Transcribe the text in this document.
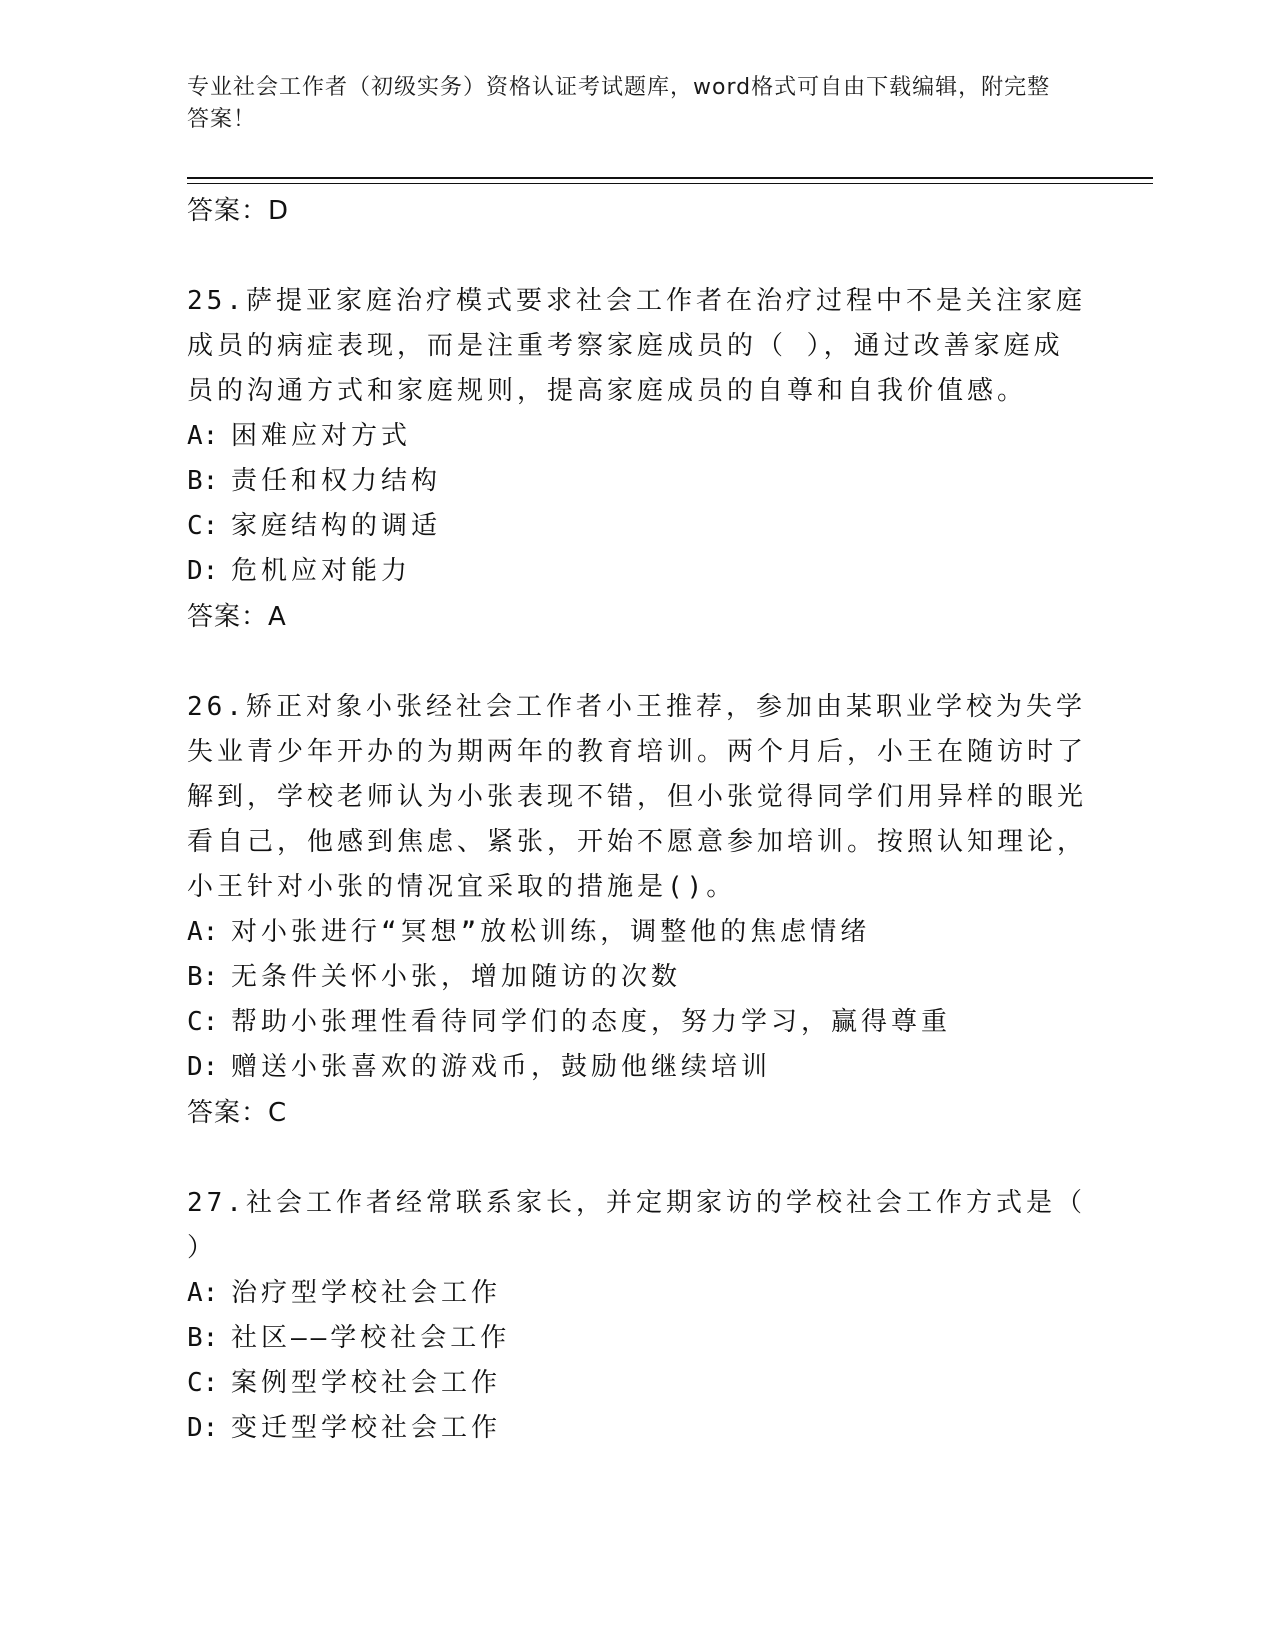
专业社会工作者（初级实务）资格认证考试题库，word格式可自由下载编辑，附完整答案！
答案：D

25.萨提亚家庭治疗模式要求社会工作者在治疗过程中不是关注家庭成员的病症表现，而是注重考察家庭成员的（ ），通过改善家庭成员的沟通方式和家庭规则，提高家庭成员的自尊和自我价值感。

A: 困难应对方式
B: 责任和权力结构
C: 家庭结构的调适
D: 危机应对能力
答案：A

26.矫正对象小张经社会工作者小王推荐，参加由某职业学校为失学失业青少年开办的为期两年的教育培训。两个月后，小王在随访时了解到，学校老师认为小张表现不错，但小张觉得同学们用异样的眼光看自己，他感到焦虑、紧张，开始不愿意参加培训。按照认知理论，小王针对小张的情况宜采取的措施是()。

A: 对小张进行“冥想”放松训练，调整他的焦虑情绪
B: 无条件关怀小张，增加随访的次数
C: 帮助小张理性看待同学们的态度，努力学习，赢得尊重
D: 赠送小张喜欢的游戏币，鼓励他继续培训
答案：C

27.社会工作者经常联系家长，并定期家访的学校社会工作方式是（ ）

A: 治疗型学校社会工作
B: 社区——学校社会工作
C: 案例型学校社会工作
D: 变迁型学校社会工作
